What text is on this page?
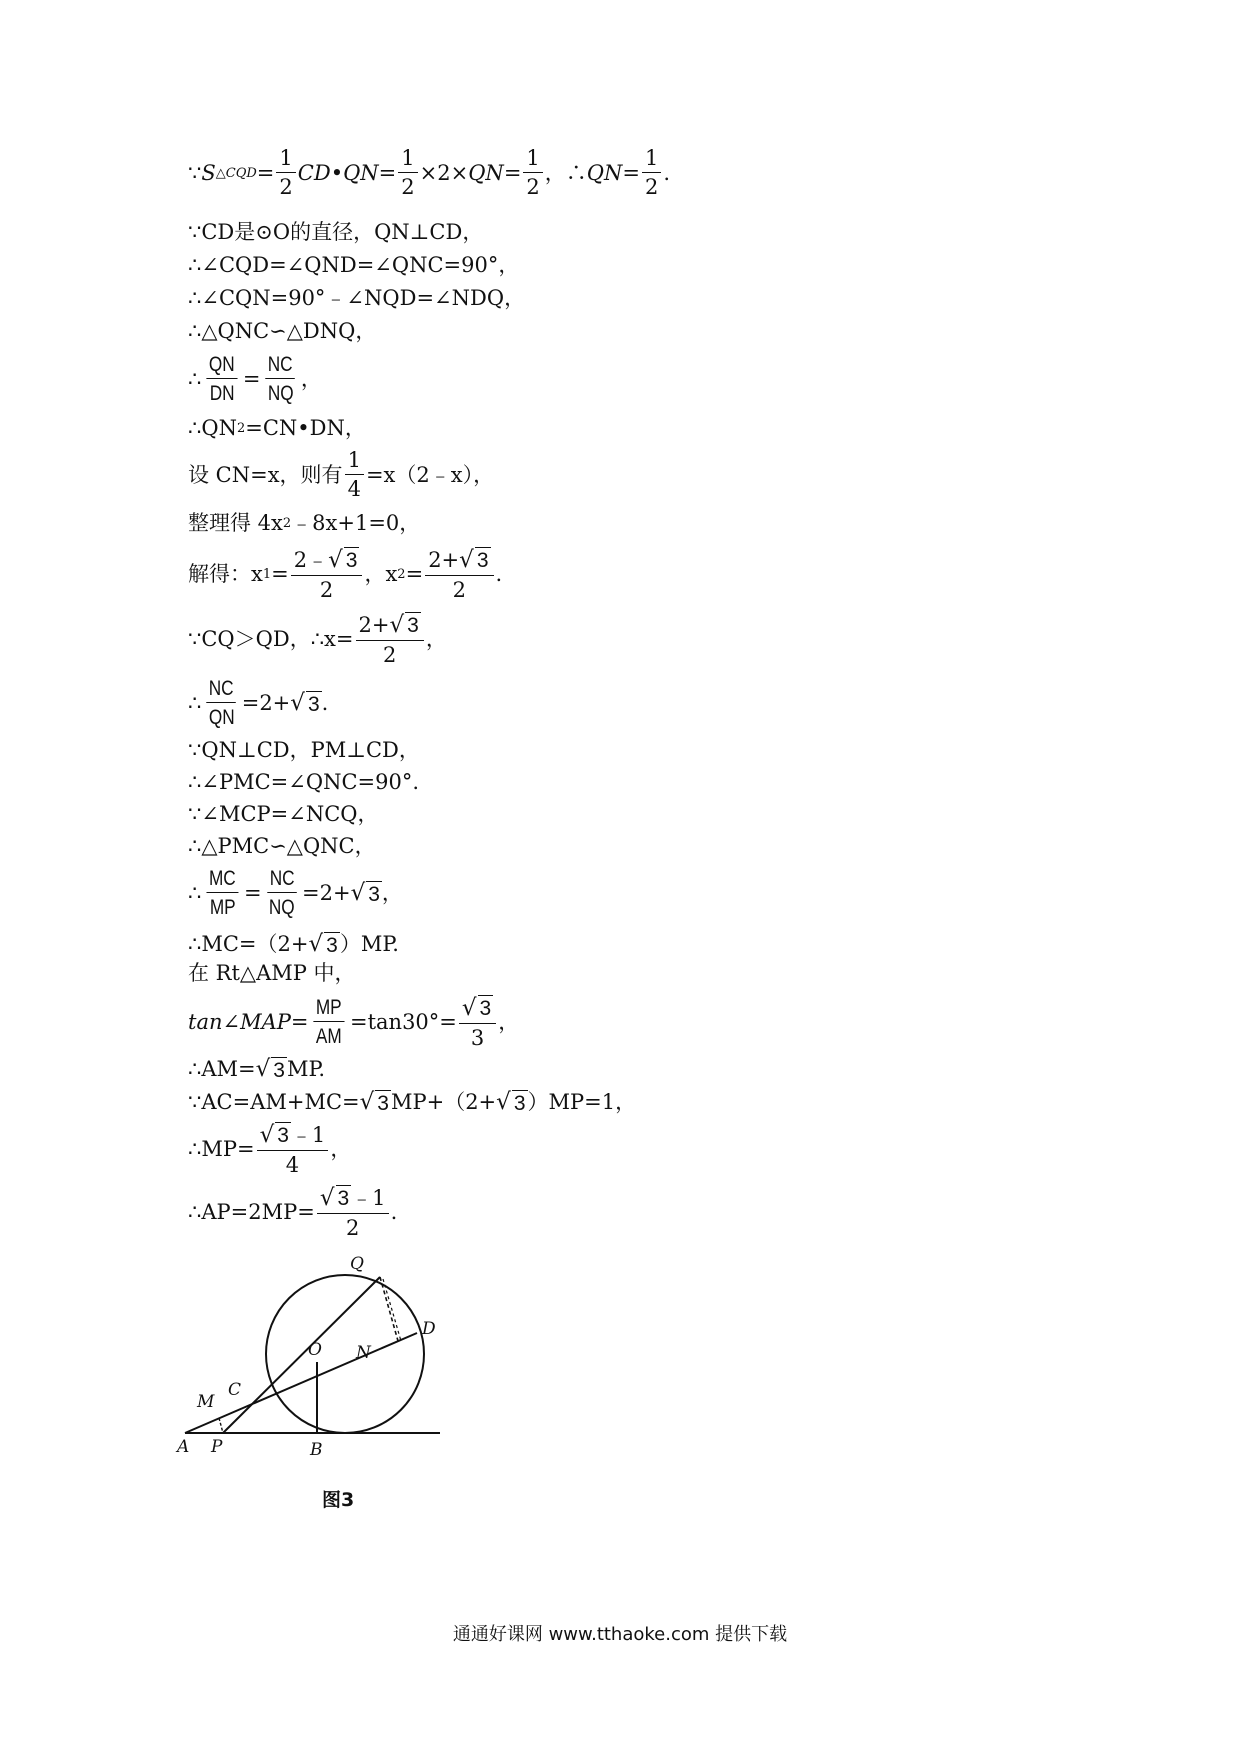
∵ S △CQD = $\frac{1}{2}$ CD • QN = $\frac{1}{2} \times 2\times$ QN = $\frac{1}{2}$ ，∴ QN = $\frac{1}{2}$ .
∵CD是⊙O的直径，QN⊥CD，
∴∠CQD=∠QND=∠QNC=90°，
∴∠CQN=90°﹣∠NQD=∠NDQ，
∴△QNC∽△DNQ，
∴ $\frac{QN}{DN} = \frac{NC}{NQ}$ ，
∴QN 2 =CN•DN，
设 CN=x，则有 $\frac{1}{4}$ =x（2﹣x），
整理得 4x 2 ﹣8x+1=0，
解得：x $1 = \frac{2﹣√ 3}{2}$ ，x $2 = \frac{2+√ 3}{2}$ .
∵CQ＞QD，∴x= $\frac{2+√ 3}{2}$ ，
∴ $\frac{NC}{QN} =2+$ √ 3 .
∵QN⊥CD，PM⊥CD，
∴∠PMC=∠QNC=90°.
∵∠MCP=∠NCQ，
∴△PMC∽△QNC，
∴ $\frac{MC}{MP} = \frac{NC}{NQ} =2+$ √ 3 ，
∴MC=（2+ √ 3 ）MP.
在 Rt△AMP 中，
tan∠MAP= $\frac{MP}{AM} =\tan 30^\circ= \frac{√ 3}{3}$ ，
∴AM= √ 3 MP.
∵AC=AM+MC= √ 3 MP+（2+ √ 3 ）MP=1，
∴MP= $\frac{√ 3﹣1}{4}$ ，
∴AP=2MP= $\frac{√ 3﹣1}{2}$ .
Q
D
O N
C
M
A P	B
图3
通通好课网 www.tthaoke.com 提供下载
